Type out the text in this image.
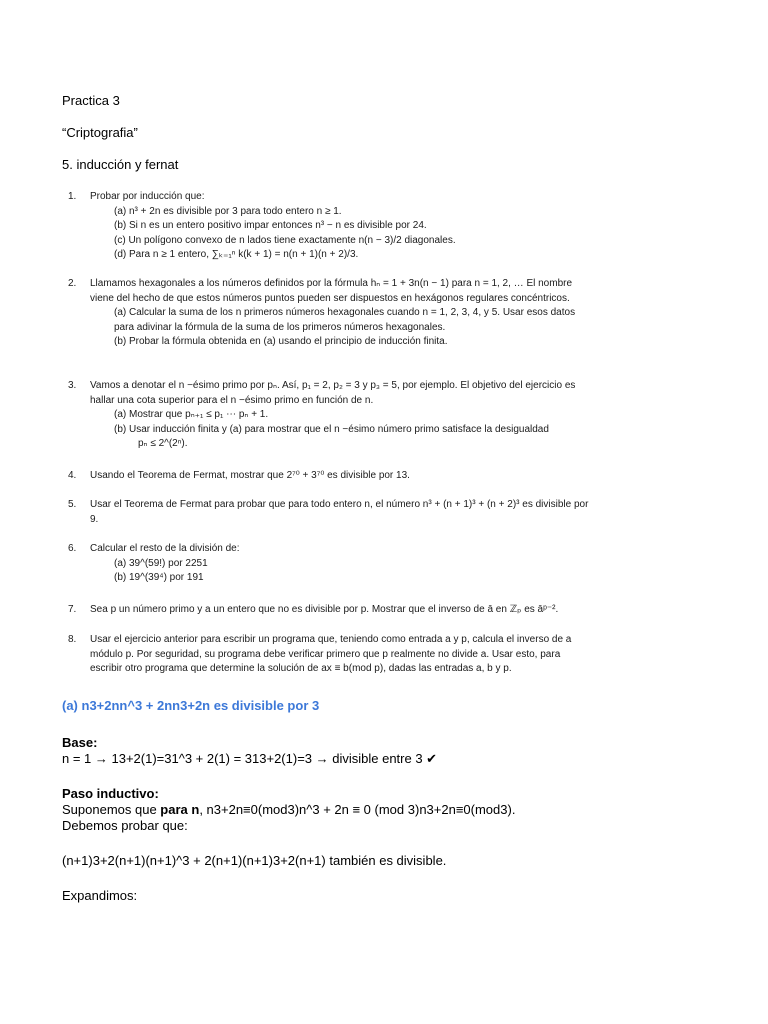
Practica 3
“Criptografia”
5. inducción y fernat
1.	Probar por inducción que:
(a) n³ + 2n es divisible por 3 para todo entero n ≥ 1.
(b) Si n es un entero positivo impar entonces n³ − n es divisible por 24.
(c) Un polígono convexo de n lados tiene exactamente n(n − 3)/2 diagonales.
(d) Para n ≥ 1 entero, ∑ₖ₌₁ⁿ k(k + 1) = n(n + 1)(n + 2)/3.
2.	Llamamos hexagonales a los números definidos por la fórmula hₙ = 1 + 3n(n − 1) para n = 1, 2, … El nombre viene del hecho de que estos números puntos pueden ser dispuestos en hexágonos regulares concéntricos.
(a) Calcular la suma de los n primeros números hexagonales cuando n = 1, 2, 3, 4, y 5. Usar esos datos para adivinar la fórmula de la suma de los primeros números hexagonales.
(b) Probar la fórmula obtenida en (a) usando el principio de inducción finita.
3.	Vamos a denotar el n −ésimo primo por pₙ. Así, p₁ = 2, p₂ = 3 y p₃ = 5, por ejemplo. El objetivo del ejercicio es hallar una cota superior para el n −ésimo primo en función de n.
(a) Mostrar que pₙ₊₁ ≤ p₁ ⋯ pₙ + 1.
(b) Usar inducción finita y (a) para mostrar que el n −ésimo número primo satisface la desigualdad
pₙ ≤ 2^(2ⁿ).
4.	Usando el Teorema de Fermat, mostrar que 2⁷⁰ + 3⁷⁰ es divisible por 13.
5.	Usar el Teorema de Fermat para probar que para todo entero n, el número n³ + (n + 1)³ + (n + 2)³ es divisible por 9.
6.	Calcular el resto de la división de:
(a) 39^(59!) por 2251
(b) 19^(39⁴) por 191
7.	Sea p un número primo y a un entero que no es divisible por p. Mostrar que el inverso de ā en ℤₚ es āᵖ⁻².
8.	Usar el ejercicio anterior para escribir un programa que, teniendo como entrada a y p, calcula el inverso de a módulo p. Por seguridad, su programa debe verificar primero que p realmente no divide a. Usar esto, para escribir otro programa que determine la solución de ax ≡ b(mod p), dadas las entradas a, b y p.
(a) n3+2nn^3 + 2nn3+2n es divisible por 3
Base:
n = 1 → 13+2(1)=31^3 + 2(1) = 313+2(1)=3 → divisible entre 3 ✔
Paso inductivo:
Suponemos que para n, n3+2n≡0(mod3)n^3 + 2n ≡ 0 (mod 3)n3+2n≡0(mod3).
Debemos probar que:
(n+1)3+2(n+1)(n+1)^3 + 2(n+1)(n+1)3+2(n+1) también es divisible.
Expandimos:
